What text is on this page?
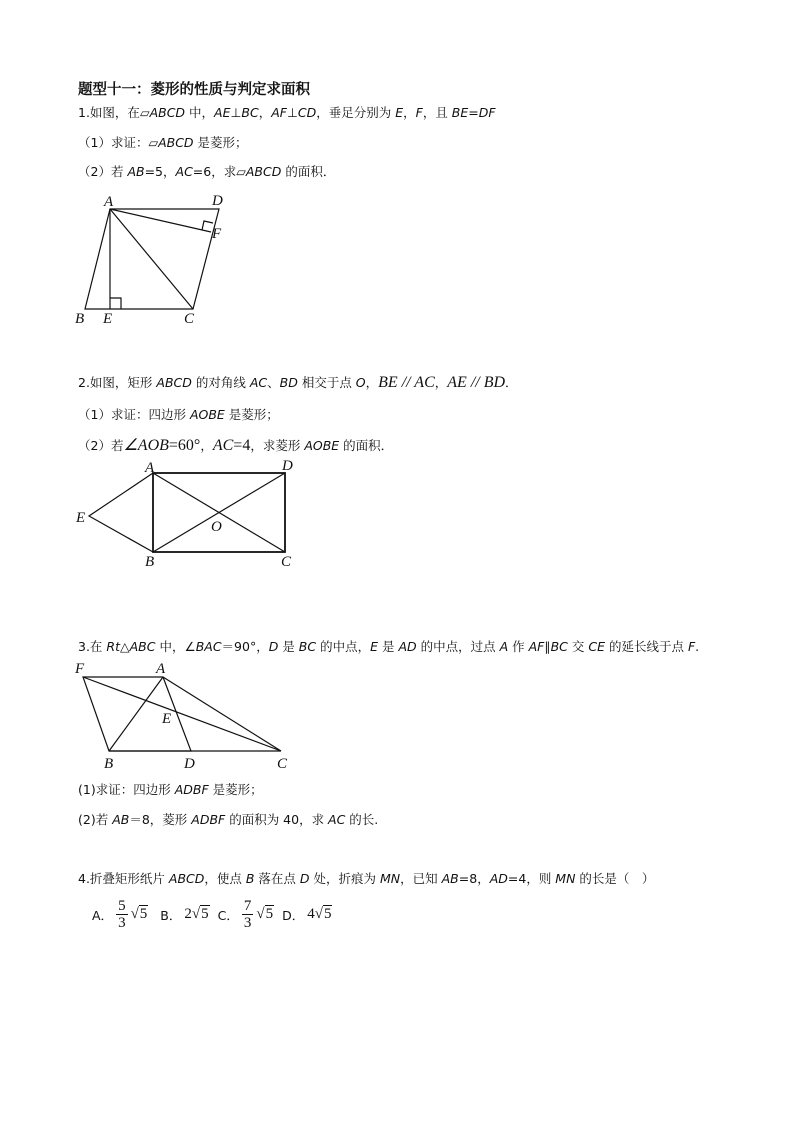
题型十一：菱形的性质与判定求面积
1.如图，在▱ABCD 中，AE⊥BC，AF⊥CD，垂足分别为 E，F，且 BE=DF
（1）求证：▱ABCD 是菱形；
（2）若 AB=5，AC=6，求▱ABCD 的面积．
A	D
F
B E	C
2.如图，矩形 ABCD 的对角线 AC、BD 相交于点 O，BE // AC，AE // BD．
（1）求证：四边形 AOBE 是菱形；
（2）若∠AOB=60°，AC=4，求菱形 AOBE 的面积．
A	D
E
O
B	C
3.在 Rt△ABC 中，∠BAC＝90°，D 是 BC 的中点，E 是 AD 的中点，过点 A 作 AF∥BC 交 CE 的延长线于点 F.
F	A
E
B	D	C
(1)求证：四边形 ADBF 是菱形；
(2)若 AB＝8，菱形 ADBF 的面积为 40，求 AC 的长.
4.折叠矩形纸片 ABCD，使点 B 落在点 D 处，折痕为 MN，已知 AB=8，AD=4，则 MN 的长是（　）
A． $\frac{5}{3} √5$ B． 2√5 C． $\frac{7}{3} √5$ D． 4√5
